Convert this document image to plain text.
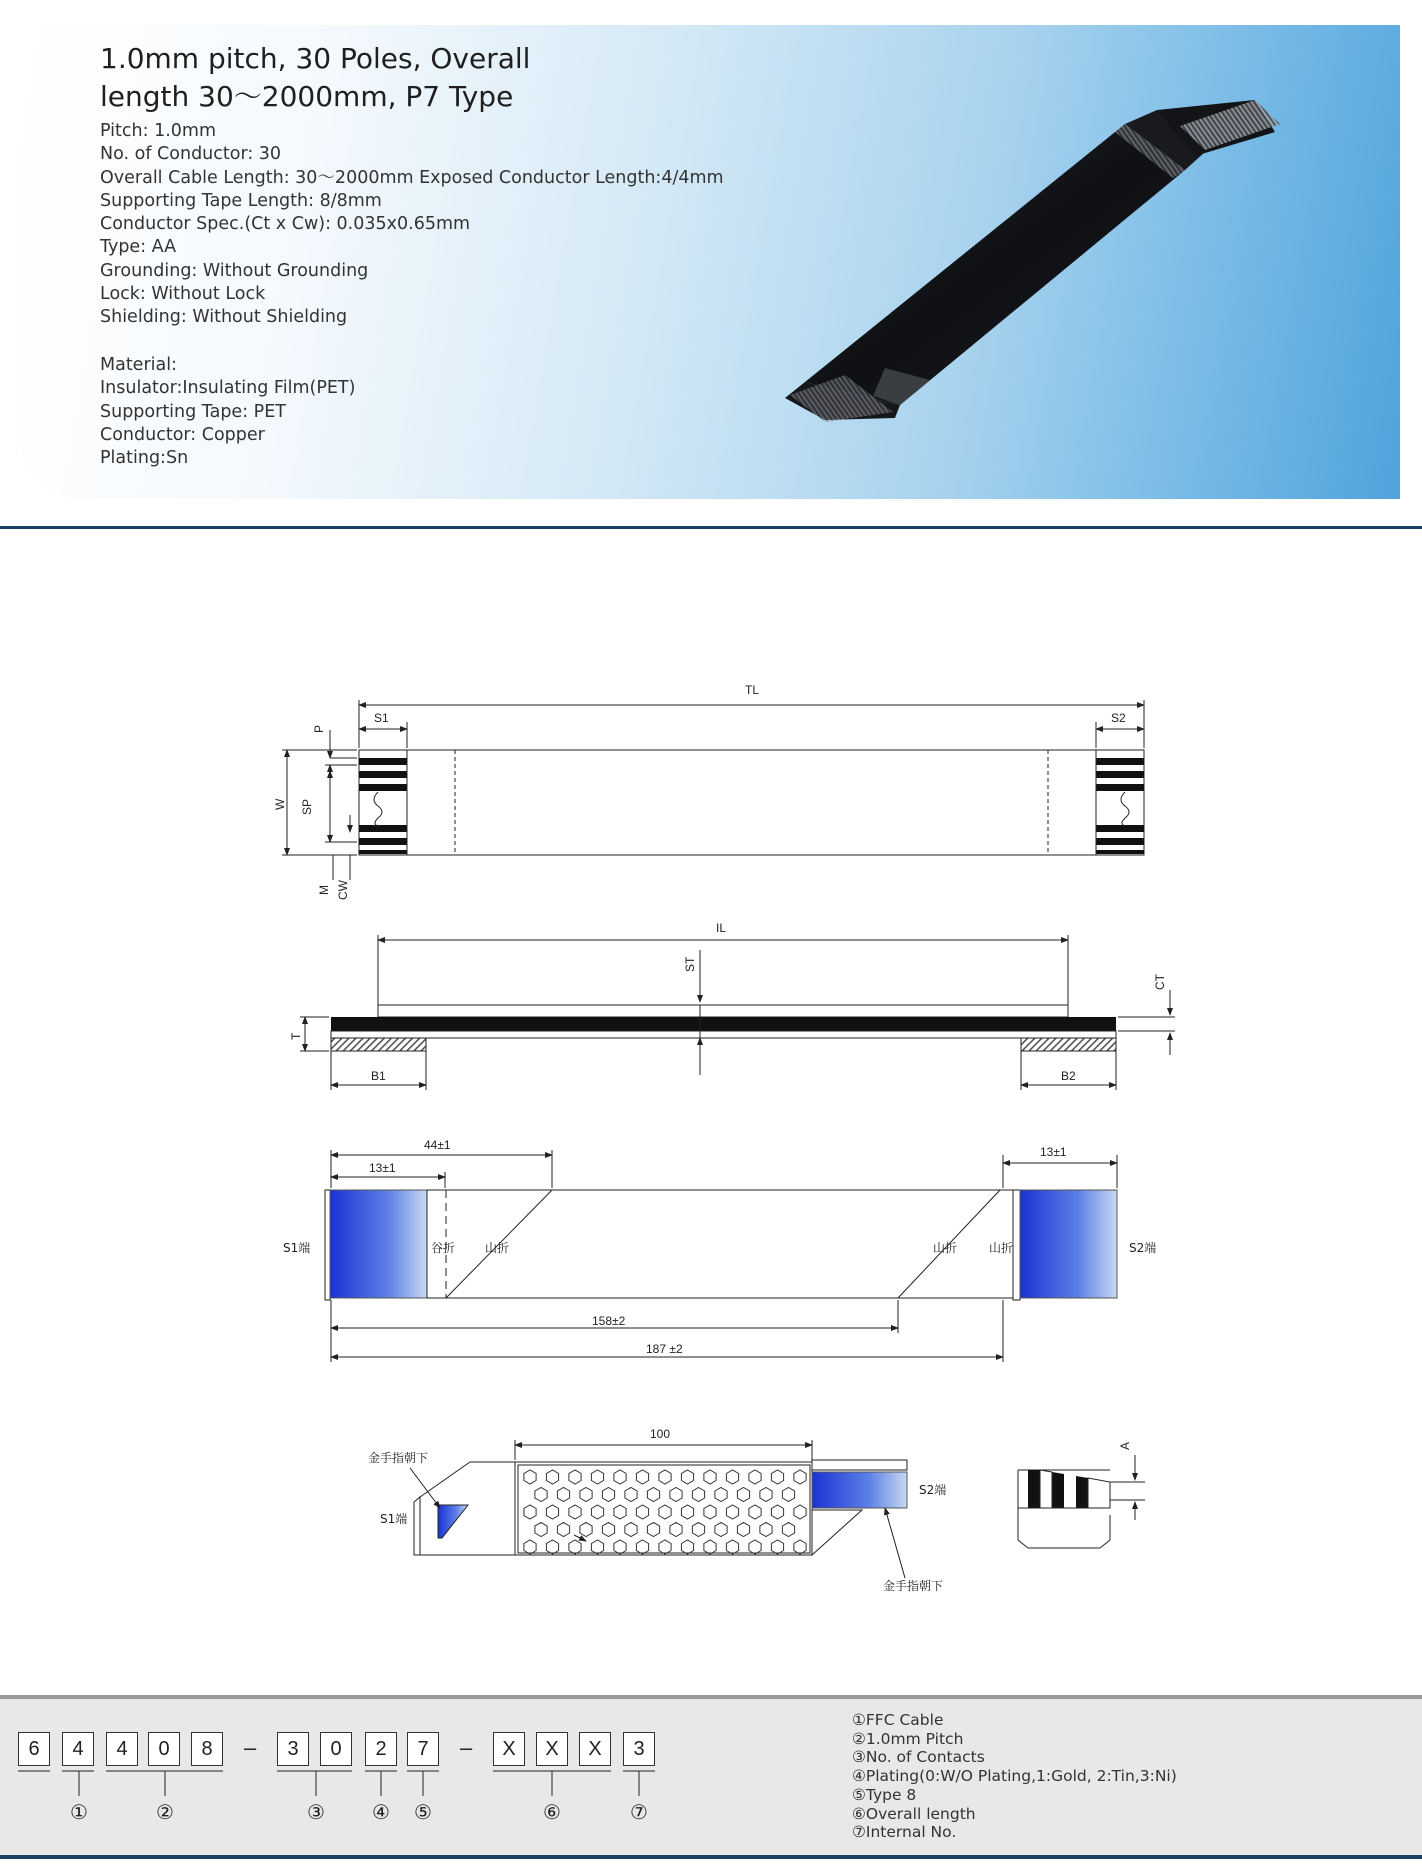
1.0mm pitch, 30 Poles, Overall
length 30〜2000mm, P7 Type
Pitch: 1.0mm
No. of Conductor: 30
Overall Cable Length: 30〜2000mm Exposed Conductor Length:4/4mm
Supporting Tape Length: 8/8mm
Conductor Spec.(Ct x Cw): 0.035x0.65mm
Type: AA
Grounding: Without Grounding
Lock: Without Lock
Shielding: Without Shielding
Material:
Insulator:Insulating Film(PET)
Supporting Tape: PET
Conductor: Copper
Plating:Sn
TL
S1	S2
P
W SP
M CW
IL
ST
CT
T
B1	B2
44±1
13±1
13±1
S1端	S2端
谷折 山折	山折	山折
158±2
187 ±2
100
金手指朝下
S1端
S2端
金手指朝下
A
6	4	4	0	8	–	3	0	2	7	–	X	X	X	3
①	②	③ ④ ⑤	⑥	⑦
①FFC Cable
②1.0mm Pitch
③No. of Contacts
④Plating(0:W/O Plating,1:Gold, 2:Tin,3:Ni)
⑤Type 8
⑥Overall length
⑦Internal No.
